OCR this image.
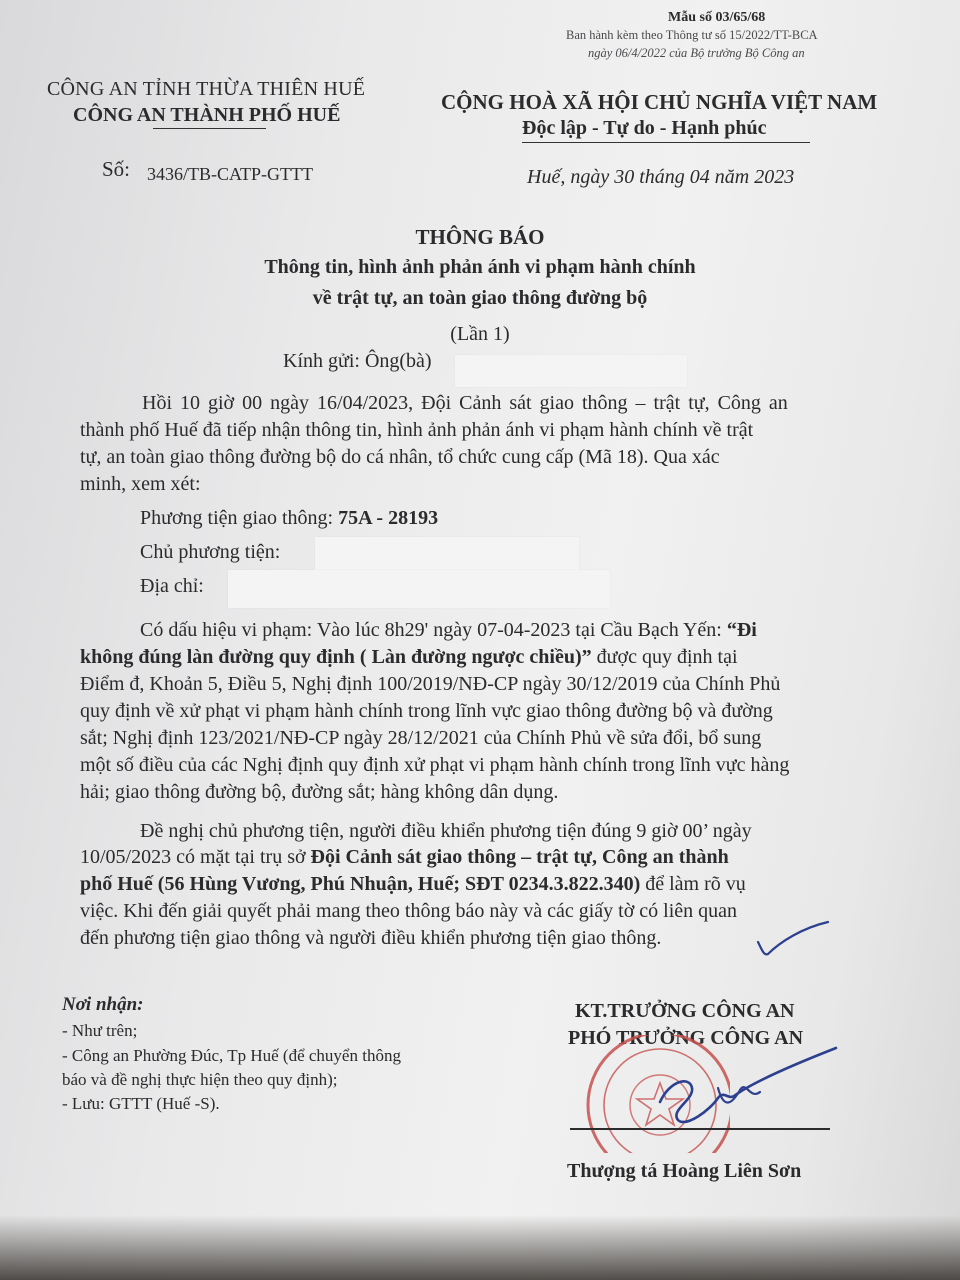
Mẫu số 03/65/68
Ban hành kèm theo Thông tư số 15/2022/TT-BCA
ngày 06/4/2022 của Bộ trưởng Bộ Công an
CÔNG AN TỈNH THỪA THIÊN HUẾ
CÔNG AN THÀNH PHỐ HUẾ
CỘNG HOÀ XÃ HỘI CHỦ NGHĨA VIỆT NAM
Độc lập - Tự do - Hạnh phúc
Số: 3436/TB-CATP-GTTT	Huế, ngày 30 tháng 04 năm 2023
THÔNG BÁO
Thông tin, hình ảnh phản ánh vi phạm hành chính
về trật tự, an toàn giao thông đường bộ
(Lần 1)
Kính gửi: Ông(bà)
Hồi 10 giờ 00 ngày 16/04/2023, Đội Cảnh sát giao thông – trật tự, Công an
thành phố Huế đã tiếp nhận thông tin, hình ảnh phản ánh vi phạm hành chính về trật
tự, an toàn giao thông đường bộ do cá nhân, tổ chức cung cấp (Mã 18). Qua xác
minh, xem xét:
Phương tiện giao thông: 75A - 28193
Chủ phương tiện:
Địa chỉ:
Có dấu hiệu vi phạm: Vào lúc 8h29' ngày 07-04-2023 tại Cầu Bạch Yến: “Đi
không đúng làn đường quy định ( Làn đường ngược chiều)” được quy định tại
Điểm đ, Khoản 5, Điều 5, Nghị định 100/2019/NĐ-CP ngày 30/12/2019 của Chính Phủ
quy định về xử phạt vi phạm hành chính trong lĩnh vực giao thông đường bộ và đường
sắt; Nghị định 123/2021/NĐ-CP ngày 28/12/2021 của Chính Phủ về sửa đổi, bổ sung
một số điều của các Nghị định quy định xử phạt vi phạm hành chính trong lĩnh vực hàng
hải; giao thông đường bộ, đường sắt; hàng không dân dụng.
Đề nghị chủ phương tiện, người điều khiển phương tiện đúng 9 giờ 00’ ngày
10/05/2023 có mặt tại trụ sở Đội Cảnh sát giao thông – trật tự, Công an thành
phố Huế (56 Hùng Vương, Phú Nhuận, Huế; SĐT 0234.3.822.340) để làm rõ vụ
việc. Khi đến giải quyết phải mang theo thông báo này và các giấy tờ có liên quan
đến phương tiện giao thông và người điều khiển phương tiện giao thông.
Nơi nhận:
- Như trên;
- Công an Phường Đúc, Tp Huế (để chuyển thông
báo và đề nghị thực hiện theo quy định);
- Lưu: GTTT (Huế -S).
KT.TRƯỞNG CÔNG AN
PHÓ TRƯỞNG CÔNG AN
Thượng tá Hoàng Liên Sơn
